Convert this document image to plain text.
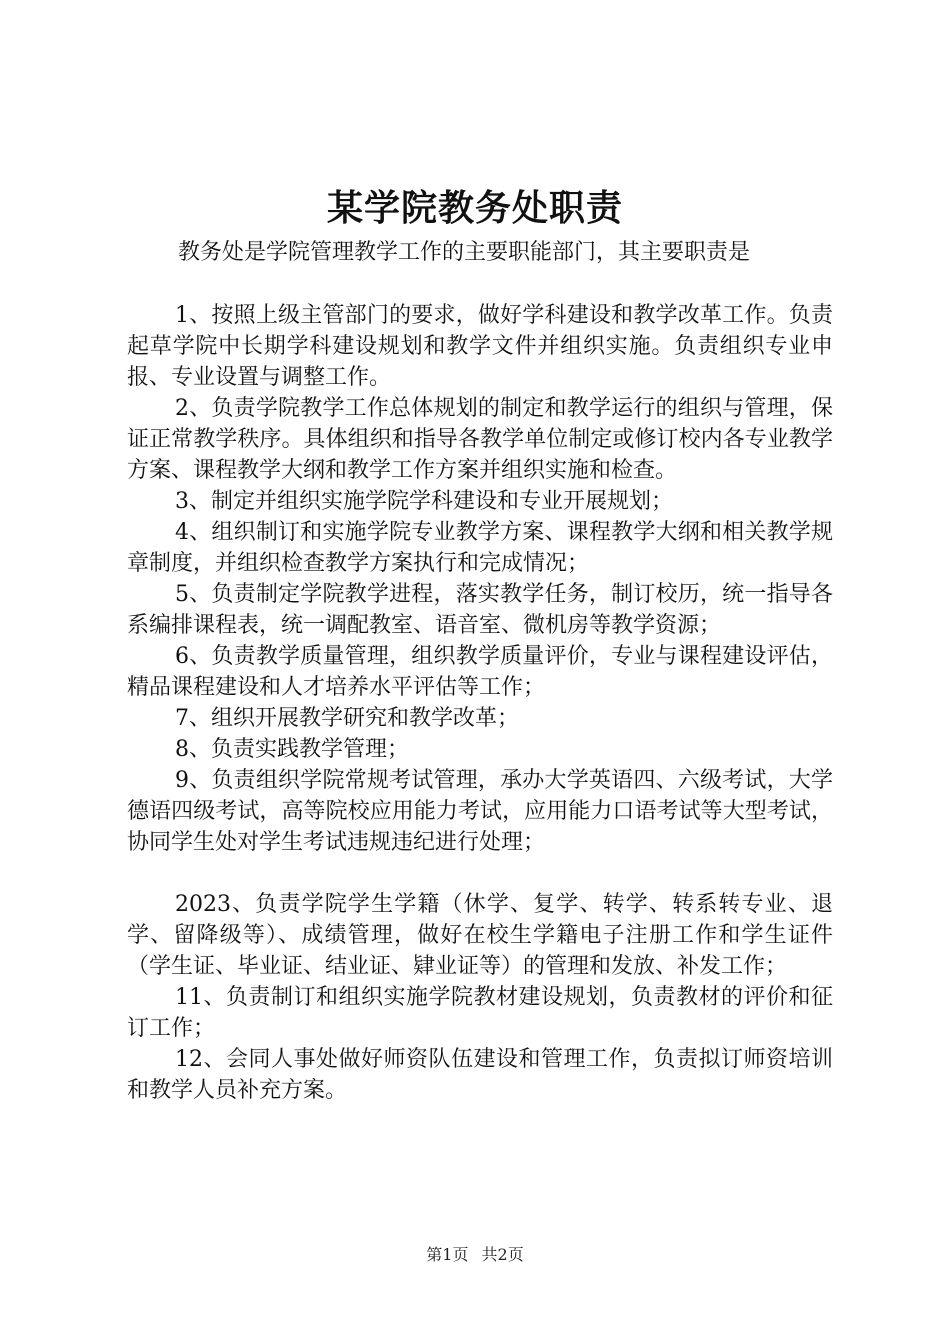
某学院教务处职责
教务处是学院管理教学工作的主要职能部门，其主要职责是

1、按照上级主管部门的要求，做好学科建设和教学改革工作。负责起草学院中长期学科建设规划和教学文件并组织实施。负责组织专业申报、专业设置与调整工作。

2、负责学院教学工作总体规划的制定和教学运行的组织与管理，保证正常教学秩序。具体组织和指导各教学单位制定或修订校内各专业教学方案、课程教学大纲和教学工作方案并组织实施和检查。

3、制定并组织实施学院学科建设和专业开展规划；

4、组织制订和实施学院专业教学方案、课程教学大纲和相关教学规章制度，并组织检查教学方案执行和完成情况；

5、负责制定学院教学进程，落实教学任务，制订校历，统一指导各系编排课程表，统一调配教室、语音室、微机房等教学资源；

6、负责教学质量管理，组织教学质量评价，专业与课程建设评估，精品课程建设和人才培养水平评估等工作；

7、组织开展教学研究和教学改革；

8、负责实践教学管理；

9、负责组织学院常规考试管理，承办大学英语四、六级考试，大学德语四级考试，高等院校应用能力考试，应用能力口语考试等大型考试，协同学生处对学生考试违规违纪进行处理；

2023、负责学院学生学籍（休学、复学、转学、转系转专业、退学、留降级等）、成绩管理，做好在校生学籍电子注册工作和学生证件（学生证、毕业证、结业证、肄业证等）的管理和发放、补发工作；

11、负责制订和组织实施学院教材建设规划，负责教材的评价和征订工作；

12、会同人事处做好师资队伍建设和管理工作，负责拟订师资培训和教学人员补充方案。

第1页 共2页
